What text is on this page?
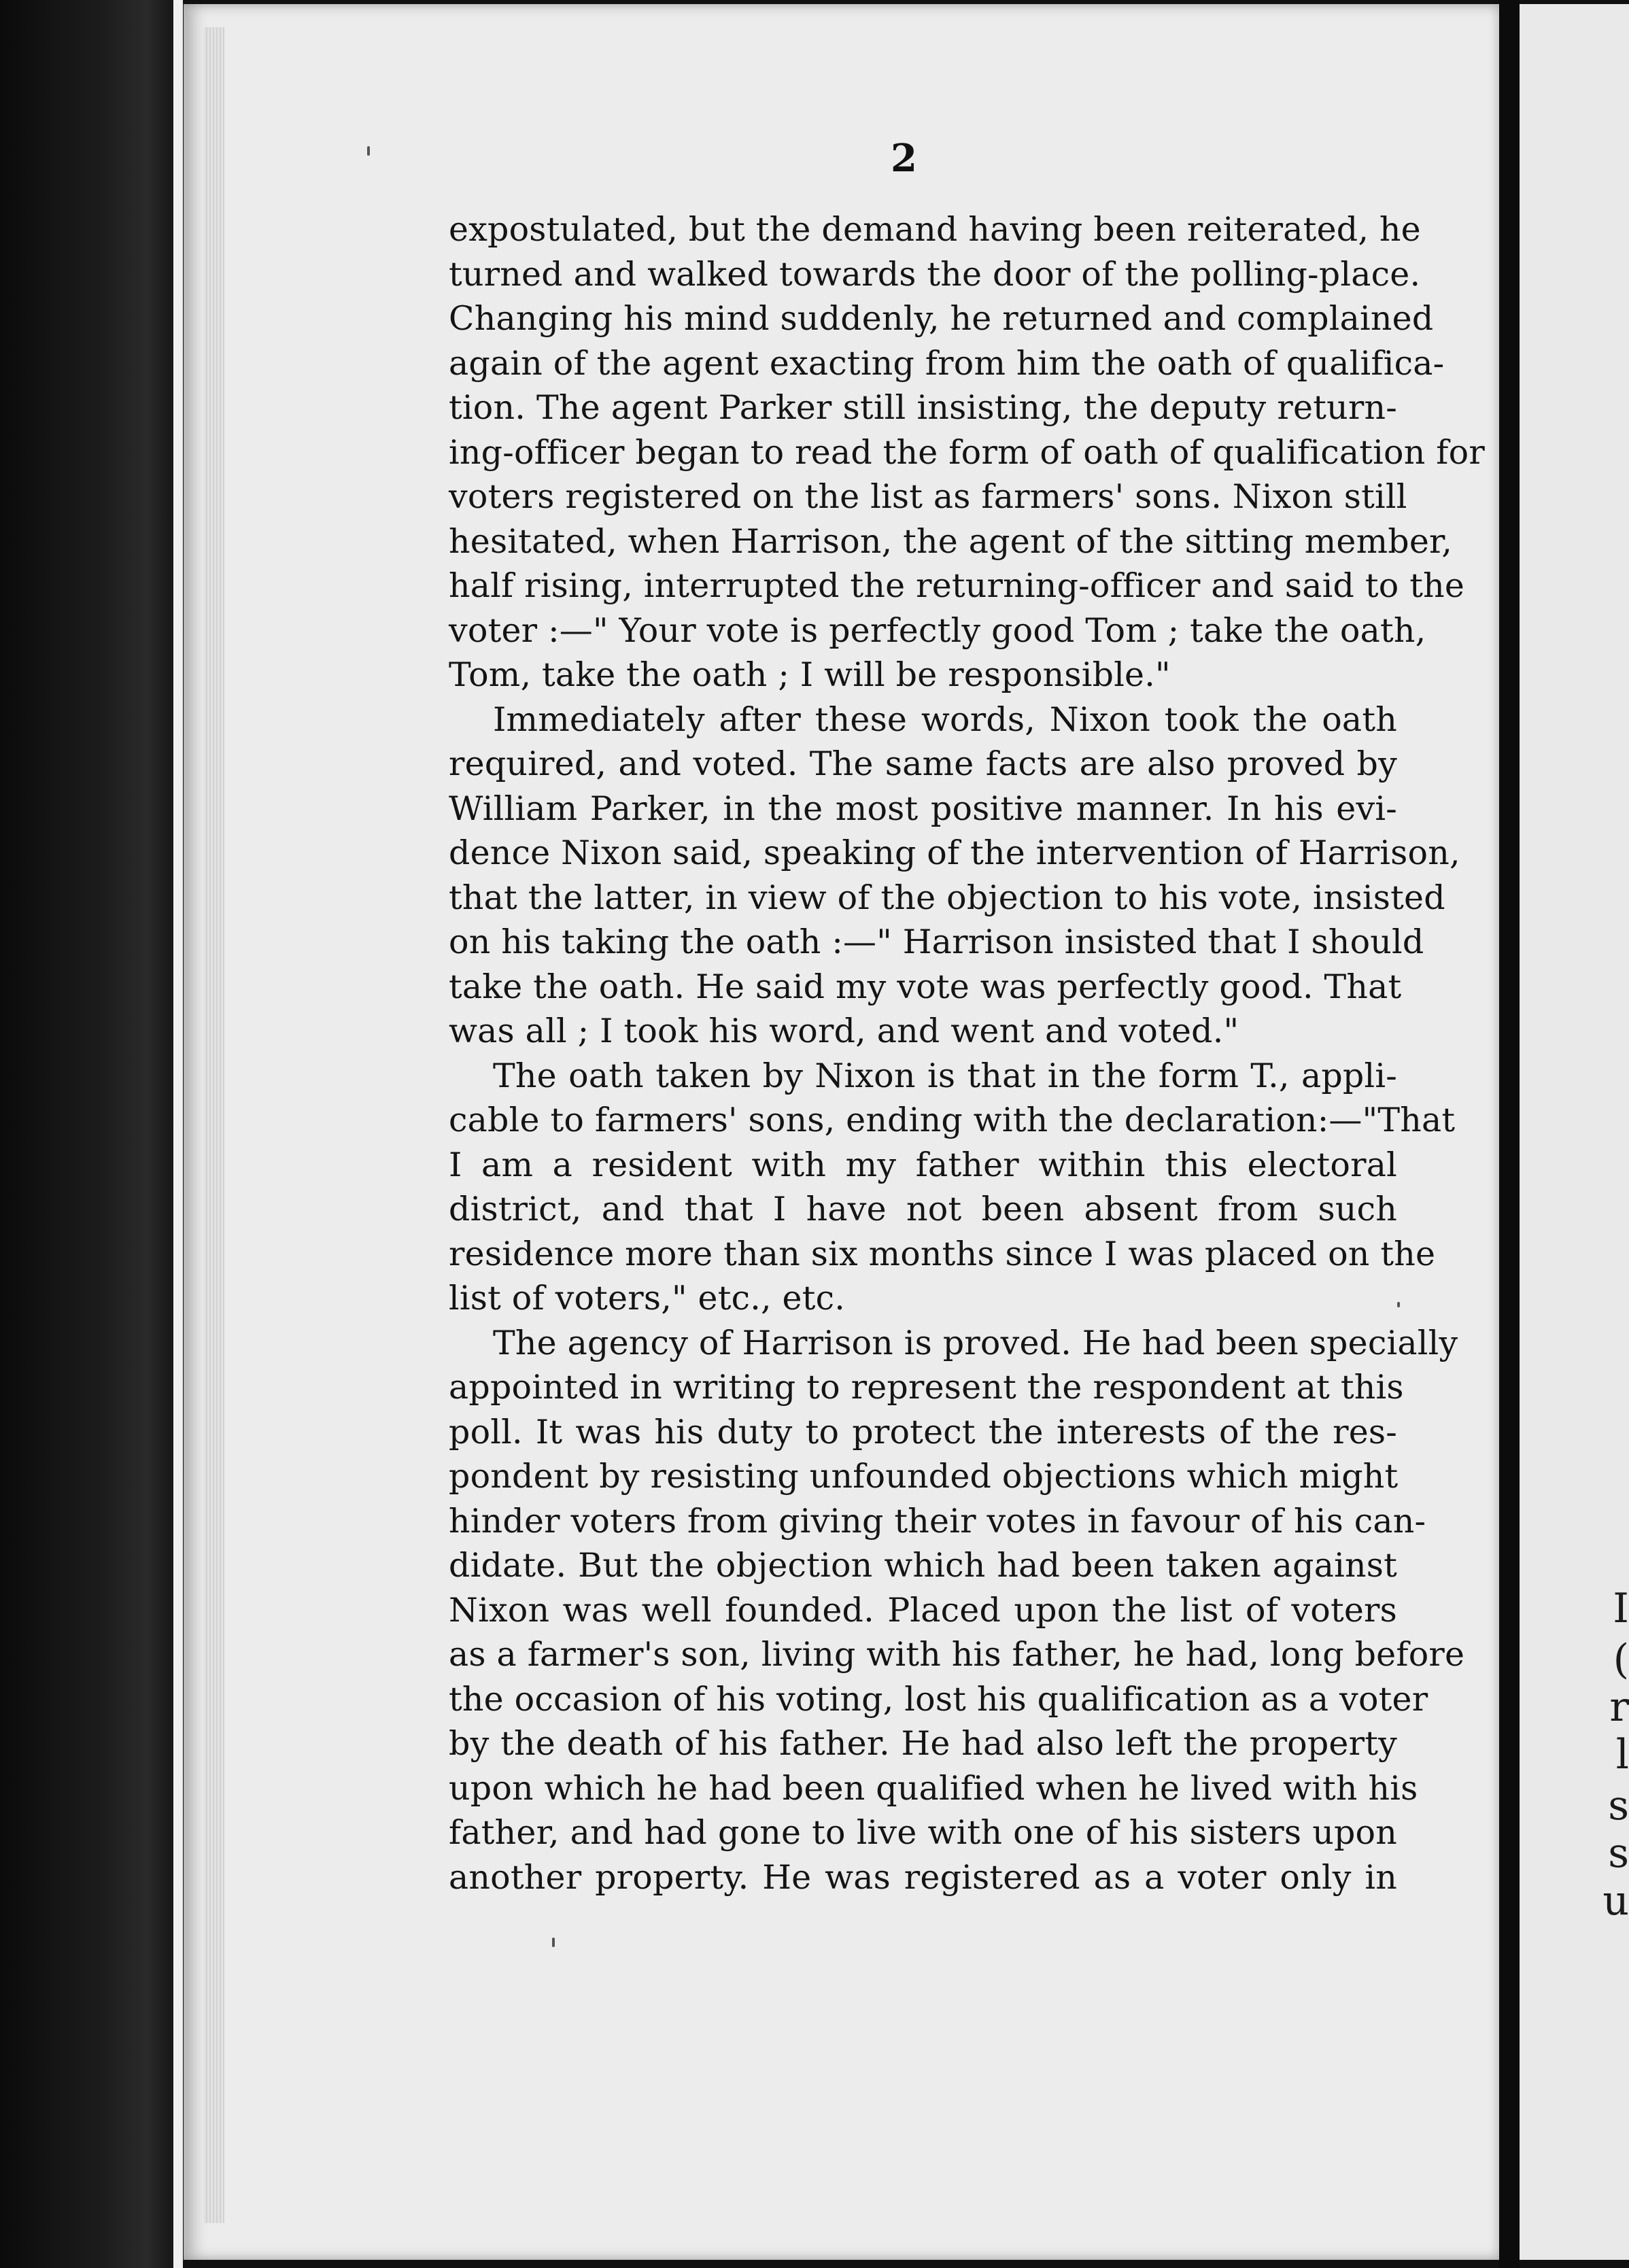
I
(
r
l
s
s
u
2
expostulated, but the demand having been reiterated, he
turned and walked towards the door of the polling-place.
Changing his mind suddenly, he returned and complained
again of the agent exacting from him the oath of qualifica-
tion. The agent Parker still insisting, the deputy return-
ing-officer began to read the form of oath of qualification for
voters registered on the list as farmers' sons. Nixon still
hesitated, when Harrison, the agent of the sitting member,
half rising, interrupted the returning-officer and said to the
voter :—" Your vote is perfectly good Tom ; take the oath,
Tom, take the oath ; I will be responsible."
Immediately after these words, Nixon took the oath
required, and voted. The same facts are also proved by
William Parker, in the most positive manner. In his evi-
dence Nixon said, speaking of the intervention of Harrison,
that the latter, in view of the objection to his vote, insisted
on his taking the oath :—" Harrison insisted that I should
take the oath. He said my vote was perfectly good. That
was all ; I took his word, and went and voted."
The oath taken by Nixon is that in the form T., appli-
cable to farmers' sons, ending with the declaration:—"That
I am a resident with my father within this electoral
district, and that I have not been absent from such
residence more than six months since I was placed on the
list of voters," etc., etc.
The agency of Harrison is proved. He had been specially
appointed in writing to represent the respondent at this
poll. It was his duty to protect the interests of the res-
pondent by resisting unfounded objections which might
hinder voters from giving their votes in favour of his can-
didate. But the objection which had been taken against
Nixon was well founded. Placed upon the list of voters
as a farmer's son, living with his father, he had, long before
the occasion of his voting, lost his qualification as a voter
by the death of his father. He had also left the property
upon which he had been qualified when he lived with his
father, and had gone to live with one of his sisters upon
another property. He was registered as a voter only in
